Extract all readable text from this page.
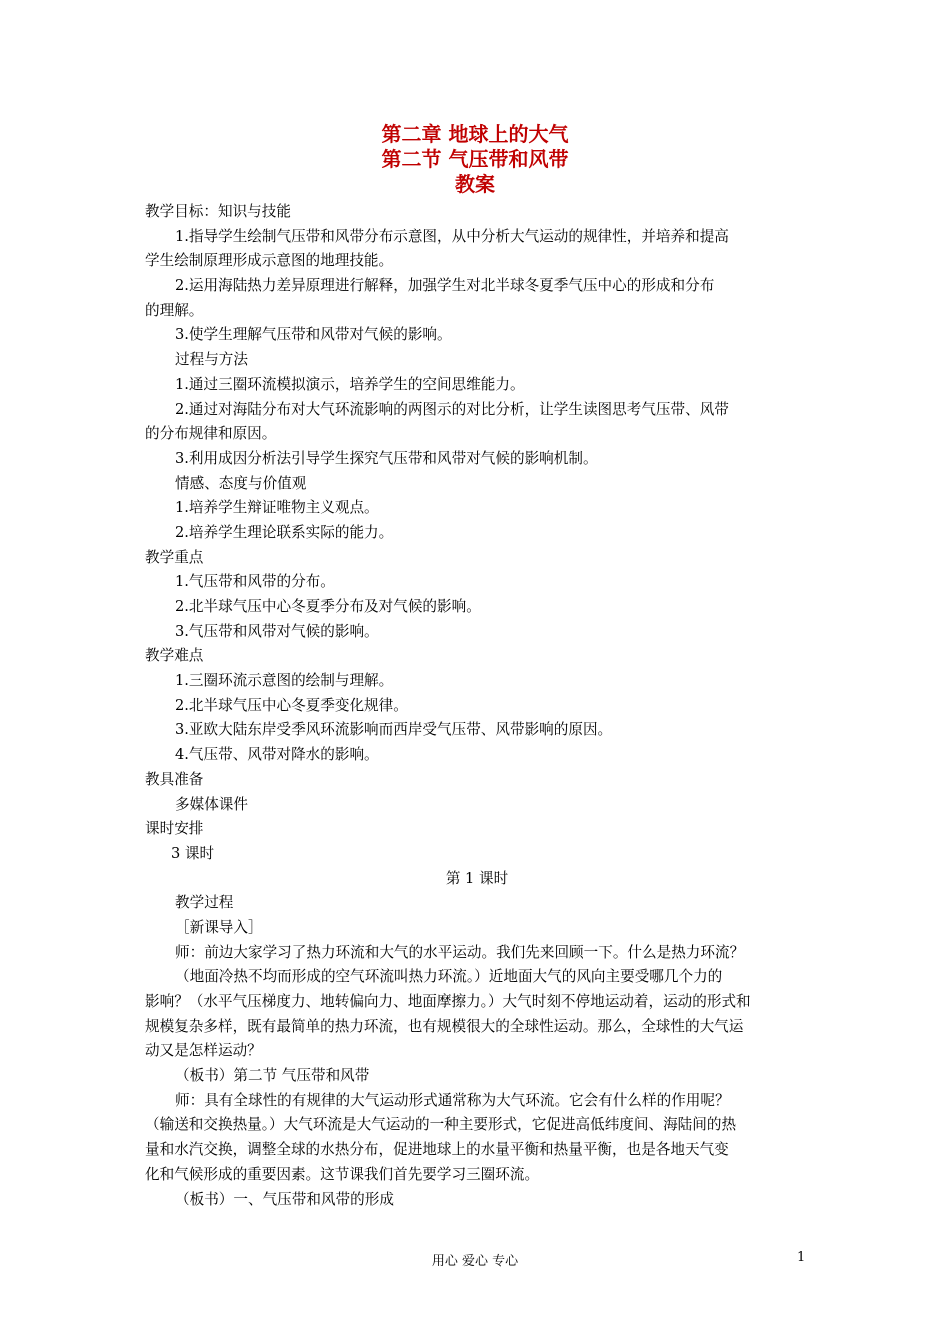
第二章 地球上的大气
第二节 气压带和风带
教案
教学目标：知识与技能
1.指导学生绘制气压带和风带分布示意图，从中分析大气运动的规律性，并培养和提高
学生绘制原理形成示意图的地理技能。
2.运用海陆热力差异原理进行解释，加强学生对北半球冬夏季气压中心的形成和分布
的理解。
3.使学生理解气压带和风带对气候的影响。
过程与方法
1.通过三圈环流模拟演示，培养学生的空间思维能力。
2.通过对海陆分布对大气环流影响的两图示的对比分析，让学生读图思考气压带、风带
的分布规律和原因。
3.利用成因分析法引导学生探究气压带和风带对气候的影响机制。
情感、态度与价值观
1.培养学生辩证唯物主义观点。
2.培养学生理论联系实际的能力。
教学重点
1.气压带和风带的分布。
2.北半球气压中心冬夏季分布及对气候的影响。
3.气压带和风带对气候的影响。
教学难点
1.三圈环流示意图的绘制与理解。
2.北半球气压中心冬夏季变化规律。
3.亚欧大陆东岸受季风环流影响而西岸受气压带、风带影响的原因。
4.气压带、风带对降水的影响。
教具准备
多媒体课件
课时安排
3 课时
第 1 课时
教学过程
［新课导入］
师：前边大家学习了热力环流和大气的水平运动。我们先来回顾一下。什么是热力环流？
（地面冷热不均而形成的空气环流叫热力环流。）近地面大气的风向主要受哪几个力的
影响？（水平气压梯度力、地转偏向力、地面摩擦力。）大气时刻不停地运动着，运动的形式和
规模复杂多样，既有最简单的热力环流，也有规模很大的全球性运动。那么，全球性的大气运
动又是怎样运动？
（板书）第二节 气压带和风带
师：具有全球性的有规律的大气运动形式通常称为大气环流。它会有什么样的作用呢？
（输送和交换热量。）大气环流是大气运动的一种主要形式，它促进高低纬度间、海陆间的热
量和水汽交换，调整全球的水热分布，促进地球上的水量平衡和热量平衡，也是各地天气变
化和气候形成的重要因素。这节课我们首先要学习三圈环流。
（板书）一、气压带和风带的形成
用心 爱心 专心	1
